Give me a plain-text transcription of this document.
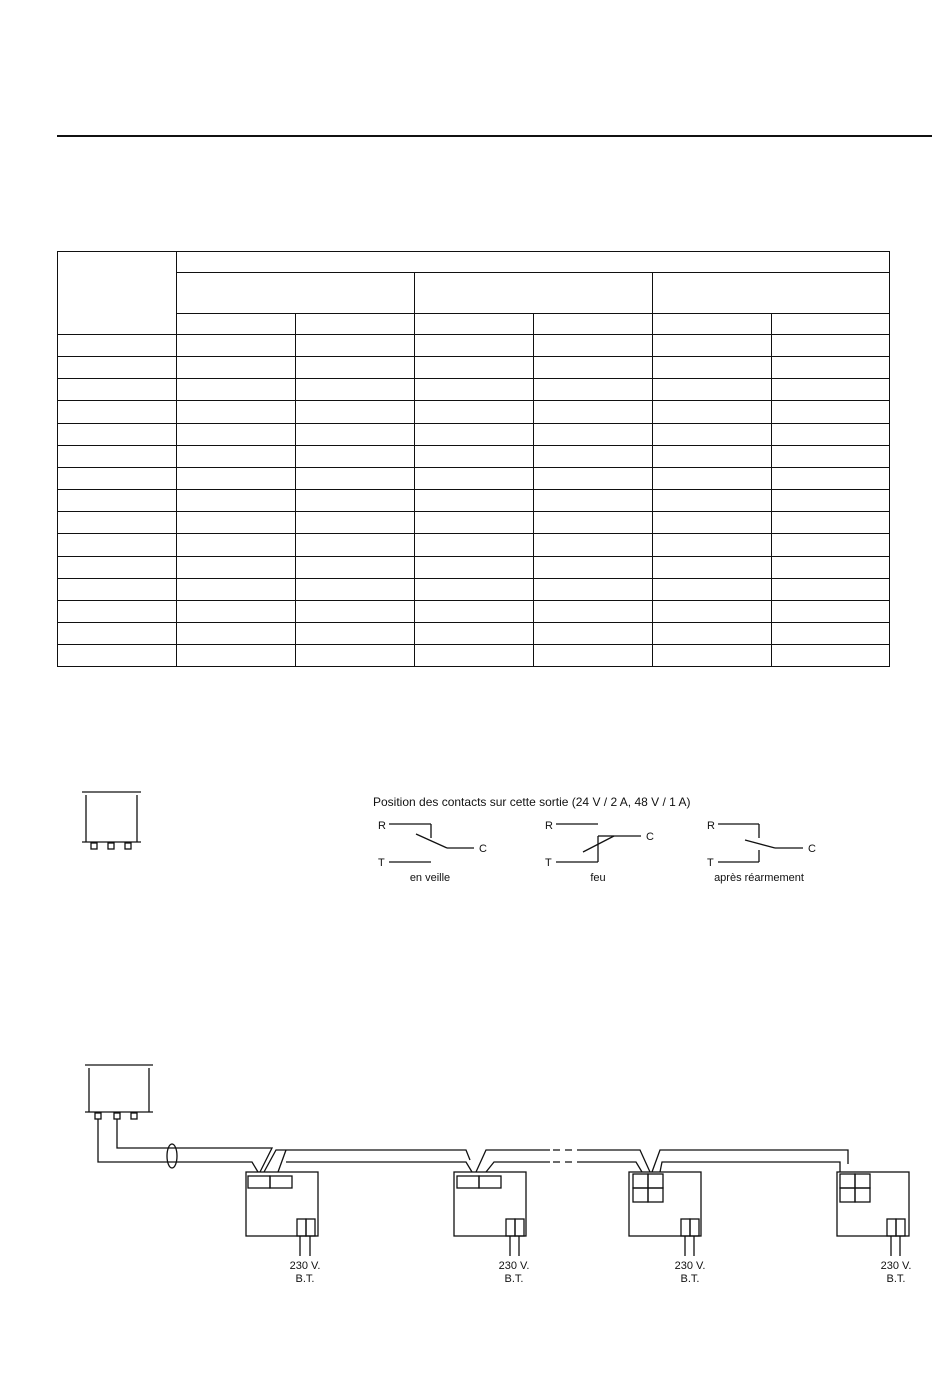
Position des contacts sur cette sortie (24 V / 2 A, 48 V / 1 A)
R
C
T
en veille
R
C
T
feu
R
C
T
après réarmement
230 V.
B.T.
230 V.
B.T.
230 V.
B.T.
230 V.
B.T.
